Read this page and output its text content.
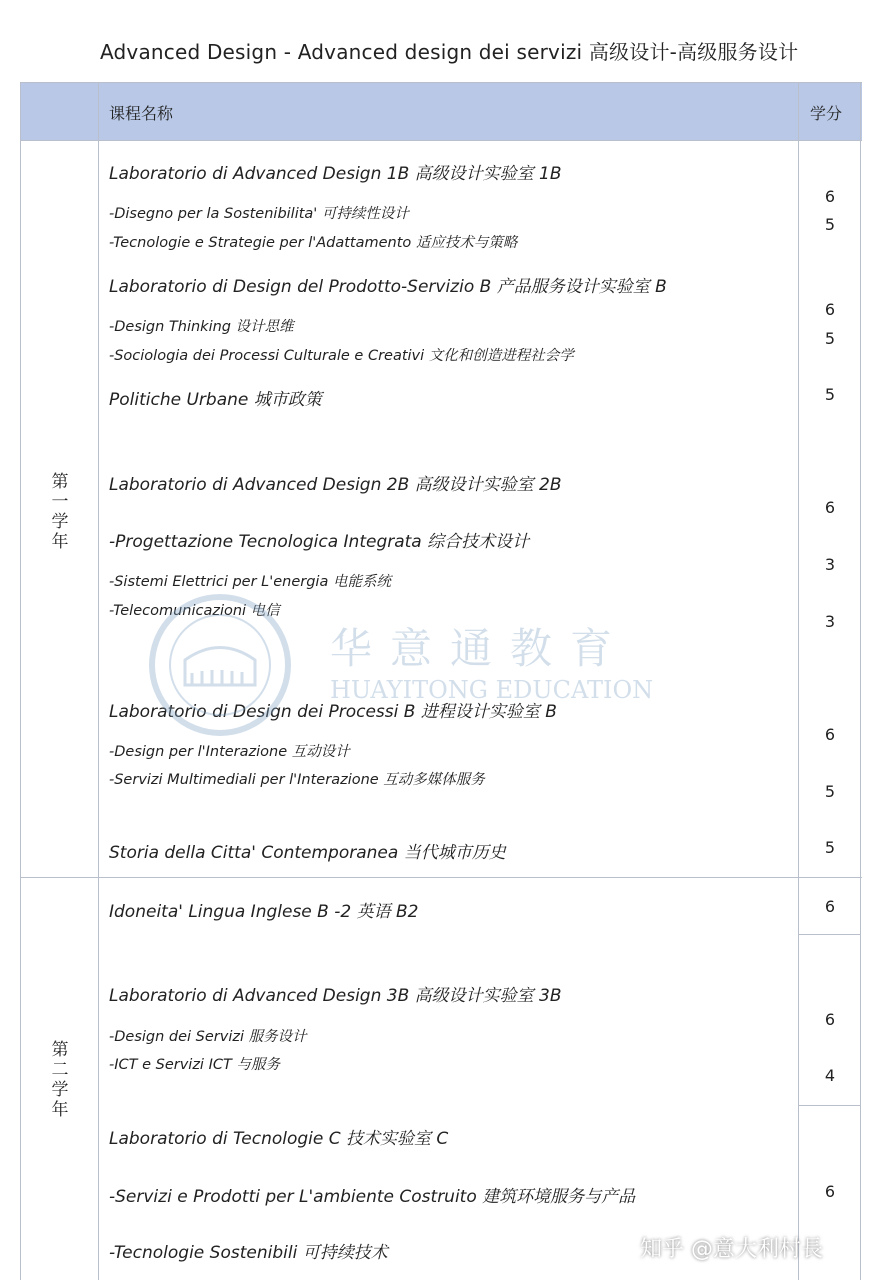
Advanced Design - Advanced design dei servizi 高级设计-高级服务设计
课程名称	学分
第一学年
第二学年
Laboratorio di Advanced Design 1B 高级设计实验室 1B
-Disegno per la Sostenibilita' 可持续性设计
-Tecnologie e Strategie per l'Adattamento 适应技术与策略
Laboratorio di Design del Prodotto-Servizio B 产品服务设计实验室 B
-Design Thinking 设计思维
-Sociologia dei Processi Culturale e Creativi 文化和创造进程社会学
Politiche Urbane 城市政策
Laboratorio di Advanced Design 2B 高级设计实验室 2B
-Progettazione Tecnologica Integrata 综合技术设计
-Sistemi Elettrici per L'energia 电能系统
-Telecomunicazioni 电信
Laboratorio di Design dei Processi B 进程设计实验室 B
-Design per l'Interazione 互动设计
-Servizi Multimediali per l'Interazione 互动多媒体服务
Storia della Citta' Contemporanea 当代城市历史
Idoneita' Lingua Inglese B -2 英语 B2
Laboratorio di Advanced Design 3B 高级设计实验室 3B
-Design dei Servizi 服务设计
-ICT e Servizi ICT 与服务
Laboratorio di Tecnologie C 技术实验室 C
-Servizi e Prodotti per L'ambiente Costruito 建筑环境服务与产品
-Tecnologie Sostenibili 可持续技术
6
5
6
5
5
6
3
3
6
5
5
6
6
4
6
华意通教育
HUAYITONG EDUCATION
知乎 @意大利村長
